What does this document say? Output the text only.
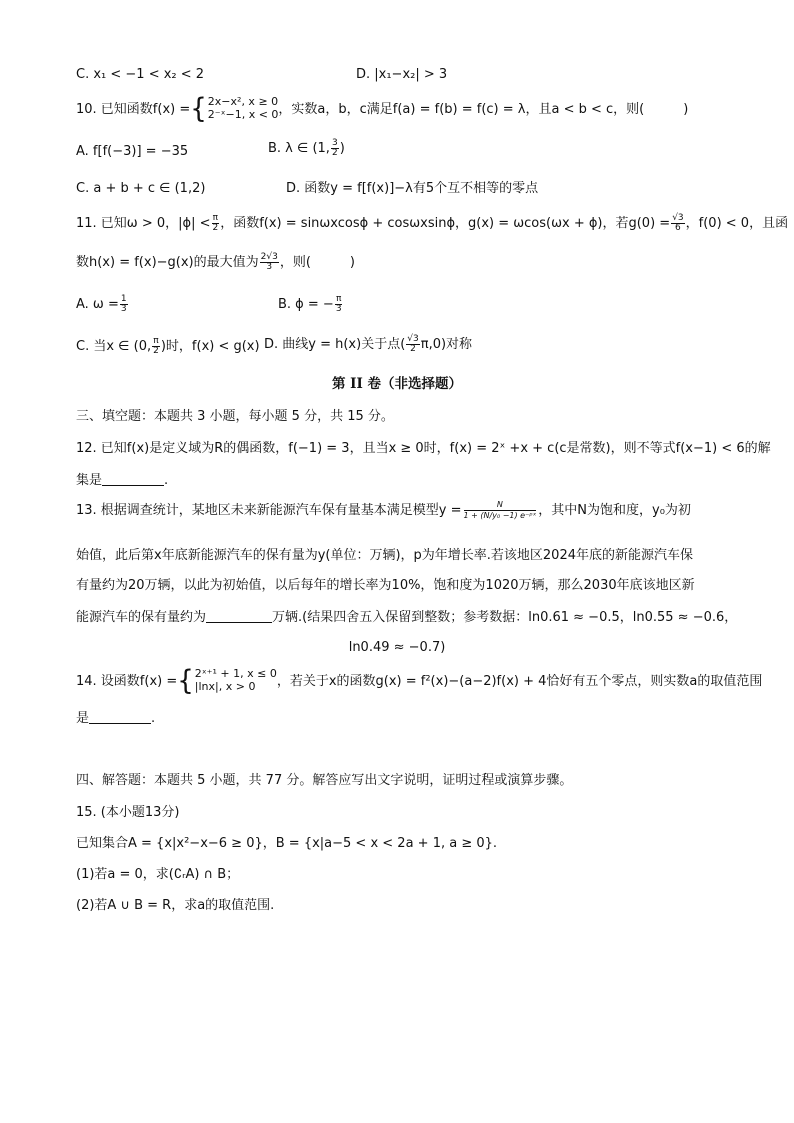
C. x₁ < −1 < x₂ < 2	D. |x₁−x₂| > 3
10. 已知函数f(x) = { 2x−x², x ≥ 0
2⁻ˣ−1, x < 0 ，实数a，b，c满足f(a) = f(b) = f(c) = λ，且a < b < c，则(　　　)
A. f[f(−3)] = −35	B. λ ∈ (1, $\frac{3}{2}$ )
C. a + b + c ∈ (1,2)	D. 函数y = f[f(x)]−λ有5个互不相等的零点
11. 已知ω > 0，$|\phi| < \frac{\pi}{2}$ ，函数f(x) = sinωxcosϕ + cosωxsinϕ，g(x) = ωcos(ωx + ϕ)，若$g(0) = \frac{√3}{6}$ ，f(0) < 0，且函
数h(x) = f(x)−g(x)的最大值为 $\frac{2√3}{3}$ ，则(　　　)
A. $\omega = \frac{1}{3}$	B. ϕ = − $\frac{\pi}{3}$
C. 当x ∈ (0, $\frac{\pi}{2}$ )时，f(x) < g(x) D. 曲线y = h(x)关于点( $\frac{√3}{2} \pi,0$)对称
第 II 卷（非选择题）
三、填空题：本题共 3 小题，每小题 5 分，共 15 分。
12. 已知f(x)是定义域为R的偶函数，f(−1) = 3，且当x ≥ 0时，f(x) = 2ˣ +x + c(c是常数)，则不等式f(x−1) < 6的解
集是	.
13. 根据调查统计，某地区未来新能源汽车保有量基本满足模型$y = \frac{N}{\text{1 + (N/y₀ −1) e⁻ᵖˣ}}$ ，其中N为饱和度，y₀为初
始值，此后第x年底新能源汽车的保有量为y(单位：万辆)，p为年增长率.若该地区2024年底的新能源汽车保
有量约为20万辆，以此为初始值，以后每年的增长率为10%，饱和度为1020万辆，那么2030年底该地区新
能源汽车的保有量约为	万辆.(结果四舍五入保留到整数；参考数据：ln0.61 ≈ −0.5，ln0.55 ≈ −0.6，
ln0.49 ≈ −0.7)
14. 设函数f(x) = { 2ˣ⁺¹ + 1, x ≤ 0
|lnx|, x > 0	，若关于x的函数g(x) = f²(x)−(a−2)f(x) + 4恰好有五个零点，则实数a的取值范围
是	.
四、解答题：本题共 5 小题，共 77 分。解答应写出文字说明，证明过程或演算步骤。
15. (本小题13分)
已知集合A = {x|x²−x−6 ≥ 0}，B = {x|a−5 < x < 2a + 1, a ≥ 0}.
(1)若a = 0，求(∁ᵣA) ∩ B；
(2)若A ∪ B = R，求a的取值范围.
